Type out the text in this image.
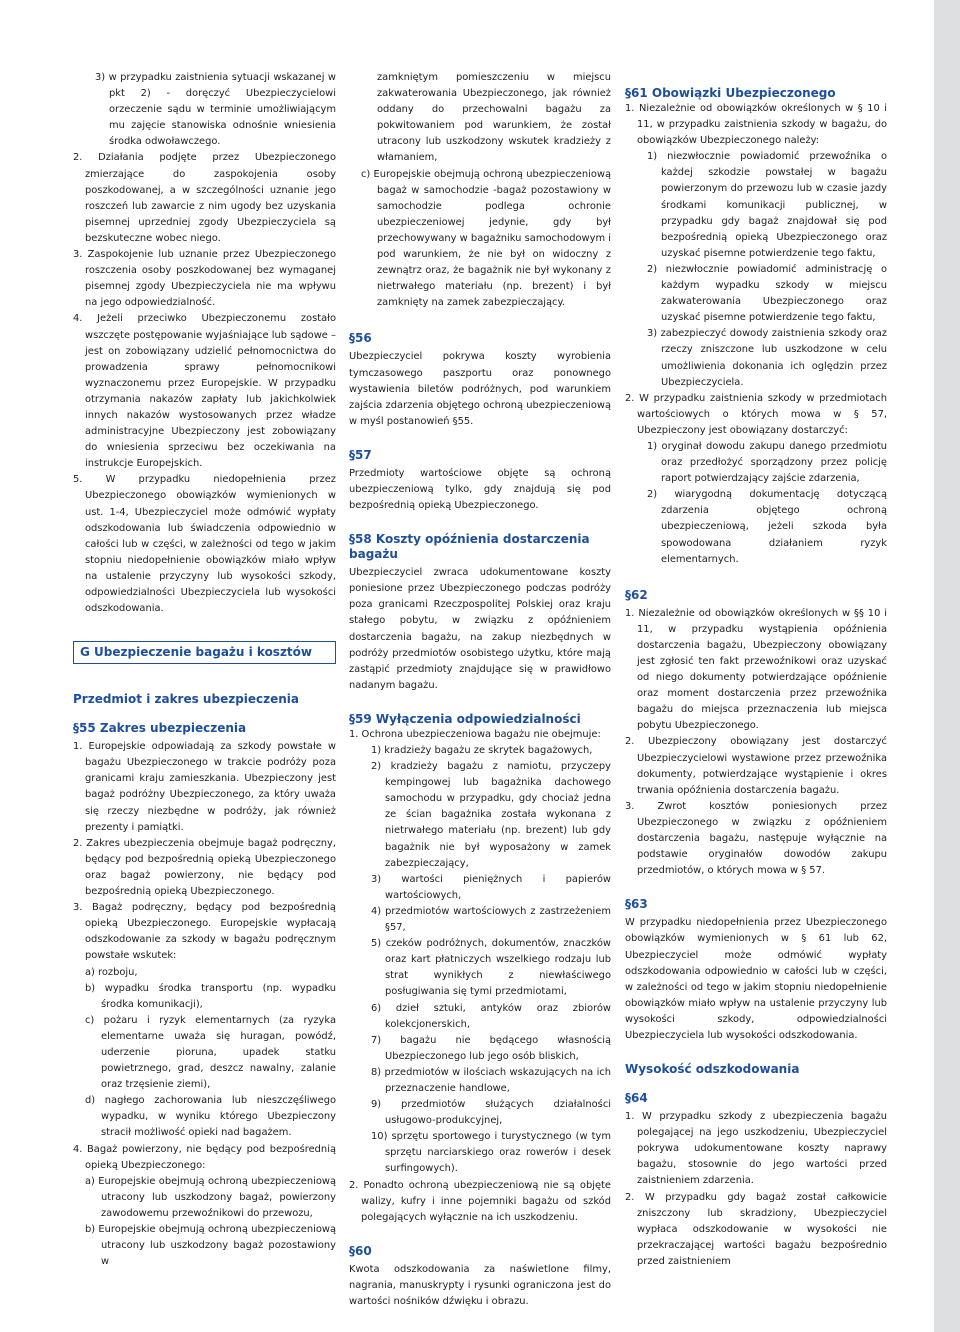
3) w przypadku zaistnienia sytuacji wskazanej w pkt 2) - doręczyć Ubezpieczycielowi orzeczenie sądu w terminie umożliwiającym mu zajęcie stanowiska odnośnie wniesienia środka odwoławczego.

2. Działania podjęte przez Ubezpieczonego zmierzające do zaspokojenia osoby poszkodowanej, a w szczególności uznanie jego roszczeń lub zawarcie z nim ugody bez uzyskania pisemnej uprzedniej zgody Ubezpieczyciela są bezskuteczne wobec niego.

3. Zaspokojenie lub uznanie przez Ubezpieczonego roszczenia osoby poszkodowanej bez wymaganej pisemnej zgody Ubezpieczyciela nie ma wpływu na jego odpowiedzialność.

4. Jeżeli przeciwko Ubezpieczonemu zostało wszczęte postępowanie wyjaśniające lub sądowe – jest on zobowiązany udzielić pełnomocnictwa do prowadzenia sprawy pełnomocnikowi wyznaczonemu przez Europejskie. W przypadku otrzymania nakazów zapłaty lub jakichkolwiek innych nakazów wystosowanych przez władze administracyjne Ubezpieczony jest zobowiązany do wniesienia sprzeciwu bez oczekiwania na instrukcje Europejskich.

5. W przypadku niedopełnienia przez Ubezpieczonego obowiązków wymienionych w ust. 1-4, Ubezpieczyciel może odmówić wypłaty odszkodowania lub świadczenia odpowiednio w całości lub w części, w zależności od tego w jakim stopniu niedopełnienie obowiązków miało wpływ na ustalenie przyczyny lub wysokości szkody, odpowiedzialności Ubezpieczyciela lub wysokości odszkodowania.

G Ubezpieczenie bagażu i kosztów

Przedmiot i zakres ubezpieczenia

§55 Zakres ubezpieczenia

1. Europejskie odpowiadają za szkody powstałe w bagażu Ubezpieczonego w trakcie podróży poza granicami kraju zamieszkania. Ubezpieczony jest bagaż podróżny Ubezpieczonego, za który uważa się rzeczy niezbędne w podróży, jak również prezenty i pamiątki.

2. Zakres ubezpieczenia obejmuje bagaż podręczny, będący pod bezpośrednią opieką Ubezpieczonego oraz bagaż powierzony, nie będący pod bezpośrednią opieką Ubezpieczonego.

3. Bagaż podręczny, będący pod bezpośrednią opieką Ubezpieczonego. Europejskie wypłacają odszkodowanie za szkody w bagażu podręcznym powstałe wskutek:

a) rozboju,

b) wypadku środka transportu (np. wypadku środka komunikacji),

c) pożaru i ryzyk elementarnych (za ryzyka elementarne uważa się huragan, powódź, uderzenie pioruna, upadek statku powietrznego, grad, deszcz nawalny, zalanie oraz trzęsienie ziemi),

d) nagłego zachorowania lub nieszczęśliwego wypadku, w wyniku którego Ubezpieczony stracił możliwość opieki nad bagażem.

4. Bagaż powierzony, nie będący pod bezpośrednią opieką Ubezpieczonego:

a) Europejskie obejmują ochroną ubezpieczeniową utracony lub uszkodzony bagaż, powierzony zawodowemu przewoźnikowi do przewozu,

b) Europejskie obejmują ochroną ubezpieczeniową utracony lub uszkodzony bagaż pozostawiony w

zamkniętym pomieszczeniu w miejscu zakwaterowania Ubezpieczonego, jak również oddany do przechowalni bagażu za pokwitowaniem pod warunkiem, że został utracony lub uszkodzony wskutek kradzieży z włamaniem,

c) Europejskie obejmują ochroną ubezpieczeniową bagaż w samochodzie -bagaż pozostawiony w samochodzie podlega ochronie ubezpieczeniowej jedynie, gdy był przechowywany w bagażniku samochodowym i pod warunkiem, że nie był on widoczny z zewnątrz oraz, że bagażnik nie był wykonany z nietrwałego materiału (np. brezent) i był zamknięty na zamek zabezpieczający.

§56

Ubezpieczyciel pokrywa koszty wyrobienia tymczasowego paszportu oraz ponownego wystawienia biletów podróżnych, pod warunkiem zajścia zdarzenia objętego ochroną ubezpieczeniową w myśl postanowień §55.

§57

Przedmioty wartościowe objęte są ochroną ubezpieczeniową tylko, gdy znajdują się pod bezpośrednią opieką Ubezpieczonego.

§58 Koszty opóźnienia dostarczenia bagażu

Ubezpieczyciel zwraca udokumentowane koszty poniesione przez Ubezpieczonego podczas podróży poza granicami Rzeczpospolitej Polskiej oraz kraju stałego pobytu, w związku z opóźnieniem dostarczenia bagażu, na zakup niezbędnych w podróży przedmiotów osobistego użytku, które mają zastąpić przedmioty znajdujące się w prawidłowo nadanym bagażu.

§59 Wyłączenia odpowiedzialności

1. Ochrona ubezpieczeniowa bagażu nie obejmuje:

1) kradzieży bagażu ze skrytek bagażowych,

2) kradzieży bagażu z namiotu, przyczepy kempingowej lub bagażnika dachowego samochodu w przypadku, gdy chociaż jedna ze ścian bagażnika została wykonana z nietrwałego materiału (np. brezent) lub gdy bagażnik nie był wyposażony w zamek zabezpieczający,

3) wartości pieniężnych i papierów wartościowych,

4) przedmiotów wartościowych z zastrzeżeniem §57,

5) czeków podróżnych, dokumentów, znaczków oraz kart płatniczych wszelkiego rodzaju lub strat wynikłych z niewłaściwego posługiwania się tymi przedmiotami,

6) dzieł sztuki, antyków oraz zbiorów kolekcjonerskich,

7) bagażu nie będącego własnością Ubezpieczonego lub jego osób bliskich,

8) przedmiotów w ilościach wskazujących na ich przeznaczenie handlowe,

9) przedmiotów służących działalności usługowo-produkcyjnej,

10) sprzętu sportowego i turystycznego (w tym sprzętu narciarskiego oraz rowerów i desek surfingowych).

2. Ponadto ochroną ubezpieczeniową nie są objęte walizy, kufry i inne pojemniki bagażu od szkód polegających wyłącznie na ich uszkodzeniu.

§60

Kwota odszkodowania za naświetlone filmy, nagrania, manuskrypty i rysunki ograniczona jest do wartości nośników dźwięku i obrazu.

§61 Obowiązki Ubezpieczonego

1. Niezależnie od obowiązków określonych w § 10 i 11, w przypadku zaistnienia szkody w bagażu, do obowiązków Ubezpieczonego należy:

1) niezwłocznie powiadomić przewoźnika o każdej szkodzie powstałej w bagażu powierzonym do przewozu lub w czasie jazdy środkami komunikacji publicznej, w przypadku gdy bagaż znajdował się pod bezpośrednią opieką Ubezpieczonego oraz uzyskać pisemne potwierdzenie tego faktu,

2) niezwłocznie powiadomić administrację o każdym wypadku szkody w miejscu zakwaterowania Ubezpieczonego oraz uzyskać pisemne potwierdzenie tego faktu,

3) zabezpieczyć dowody zaistnienia szkody oraz rzeczy zniszczone lub uszkodzone w celu umożliwienia dokonania ich oględzin przez Ubezpieczyciela.

2. W przypadku zaistnienia szkody w przedmiotach wartościowych o których mowa w § 57, Ubezpieczony jest obowiązany dostarczyć:

1) oryginał dowodu zakupu danego przedmiotu oraz przedłożyć sporządzony przez policję raport potwierdzający zajście zdarzenia,

2) wiarygodną dokumentację dotyczącą zdarzenia objętego ochroną ubezpieczeniową, jeżeli szkoda była spowodowana działaniem ryzyk elementarnych.

§62

1. Niezależnie od obowiązków określonych w §§ 10 i 11, w przypadku wystąpienia opóźnienia dostarczenia bagażu, Ubezpieczony obowiązany jest zgłosić ten fakt przewoźnikowi oraz uzyskać od niego dokumenty potwierdzające opóźnienie oraz moment dostarczenia przez przewoźnika bagażu do miejsca przeznaczenia lub miejsca pobytu Ubezpieczonego.

2. Ubezpieczony obowiązany jest dostarczyć Ubezpieczycielowi wystawione przez przewoźnika dokumenty, potwierdzające wystąpienie i okres trwania opóźnienia dostarczenia bagażu.

3. Zwrot kosztów poniesionych przez Ubezpieczonego w związku z opóźnieniem dostarczenia bagażu, następuje wyłącznie na podstawie oryginałów dowodów zakupu przedmiotów, o których mowa w § 57.

§63

W przypadku niedopełnienia przez Ubezpieczonego obowiązków wymienionych w § 61 lub 62, Ubezpieczyciel może odmówić wypłaty odszkodowania odpowiednio w całości lub w części, w zależności od tego w jakim stopniu niedopełnienie obowiązków miało wpływ na ustalenie przyczyny lub wysokości szkody, odpowiedzialności Ubezpieczyciela lub wysokości odszkodowania.

Wysokość odszkodowania

§64

1. W przypadku szkody z ubezpieczenia bagażu polegającej na jego uszkodzeniu, Ubezpieczyciel pokrywa udokumentowane koszty naprawy bagażu, stosownie do jego wartości przed zaistnieniem zdarzenia.

2. W przypadku gdy bagaż został całkowicie zniszczony lub skradziony, Ubezpieczyciel wypłaca odszkodowanie w wysokości nie przekraczającej wartości bagażu bezpośrednio przed zaistnieniem
